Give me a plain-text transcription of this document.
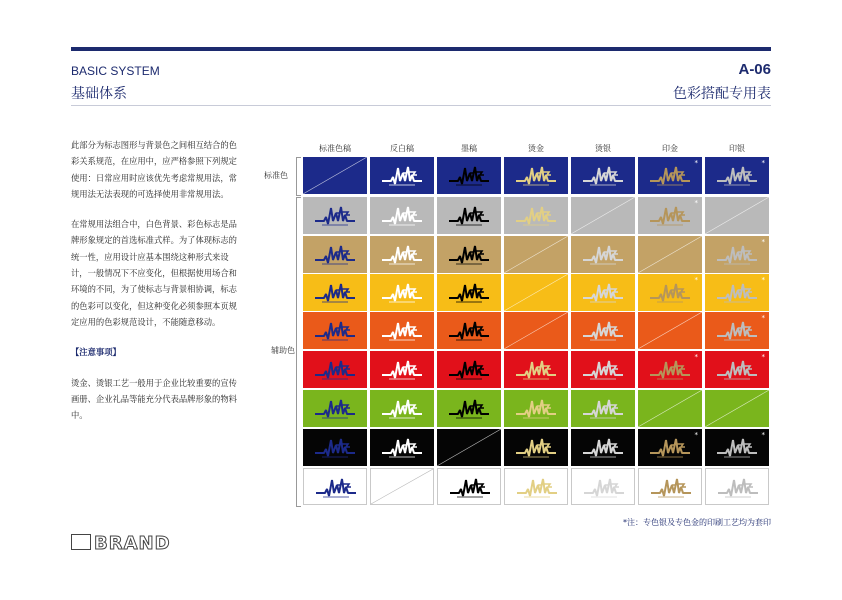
BASIC SYSTEM
基础体系
A-06
色彩搭配专用表

此部分为标志图形与背景色之间相互结合的色彩关系规范，在应用中，应严格参照下列规定使用：日常应用时应该优先考虑常规用法，常规用法无法表现的可选择使用非常规用法。

在常规用法组合中，白色背景、彩色标志是品牌形象规定的首选标准式样。为了体现标志的统一性，应用设计应基本围绕这种形式来设计，一般情况下不应变化，但根据使用场合和环境的不同，为了使标志与背景相协调，标志的色彩可以变化，但这种变化必须参照本页规定应用的色彩规范设计，不能随意移动。

【注意事项】

烫金、烫银工艺一般用于企业比较重要的宣传画册、企业礼品等能充分代表品牌形象的物料中。

标准色
辅助色
标准色稿	反白稿	墨稿	烫金	烫银	印金	印银
*	*
*
*
*	*
*
*	*
*	*
*注：专色银及专色金的印刷工艺均为套印
BRAND
